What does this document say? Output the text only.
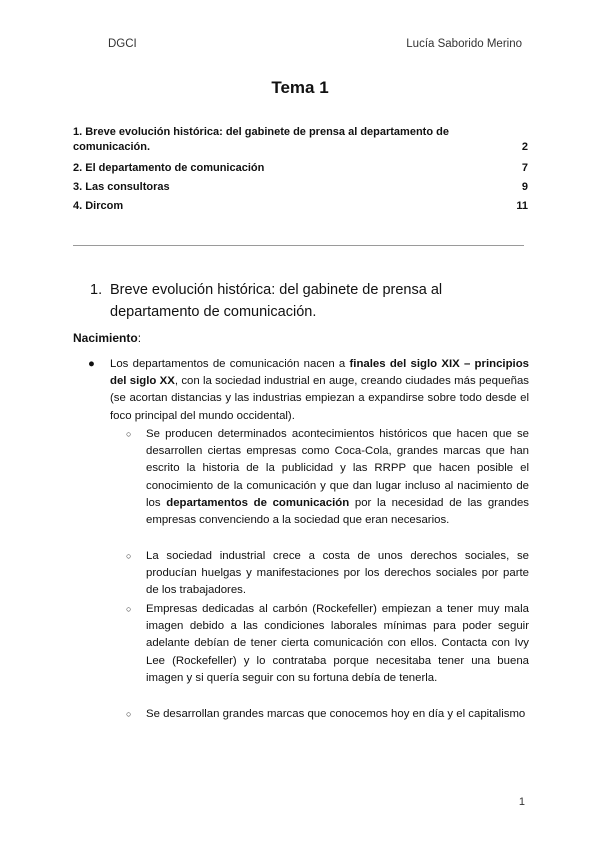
DGCI	Lucía Saborido Merino
Tema 1
1. Breve evolución histórica: del gabinete de prensa al departamento de comunicación.	2
2. El departamento de comunicación	7
3. Las consultoras	9
4. Dircom	11
1. Breve evolución histórica: del gabinete de prensa al departamento de comunicación.
Nacimiento:
● Los departamentos de comunicación nacen a finales del siglo XIX – principios del siglo XX, con la sociedad industrial en auge, creando ciudades más pequeñas (se acortan distancias y las industrias empiezan a expandirse sobre todo desde el foco principal del mundo occidental).
○ Se producen determinados acontecimientos históricos que hacen que se desarrollen ciertas empresas como Coca-Cola, grandes marcas que han escrito la historia de la publicidad y las RRPP que hacen posible el conocimiento de la comunicación y que dan lugar incluso al nacimiento de los departamentos de comunicación por la necesidad de las grandes empresas convenciendo a la sociedad que eran necesarios.
○ La sociedad industrial crece a costa de unos derechos sociales, se producían huelgas y manifestaciones por los derechos sociales por parte de los trabajadores.
○ Empresas dedicadas al carbón (Rockefeller) empiezan a tener muy mala imagen debido a las condiciones laborales mínimas para poder seguir adelante debían de tener cierta comunicación con ellos. Contacta con Ivy Lee (Rockefeller) y lo contrataba porque necesitaba tener una buena imagen y si quería seguir con su fortuna debía de tenerla.
○ Se desarrollan grandes marcas que conocemos hoy en día y el capitalismo
1
